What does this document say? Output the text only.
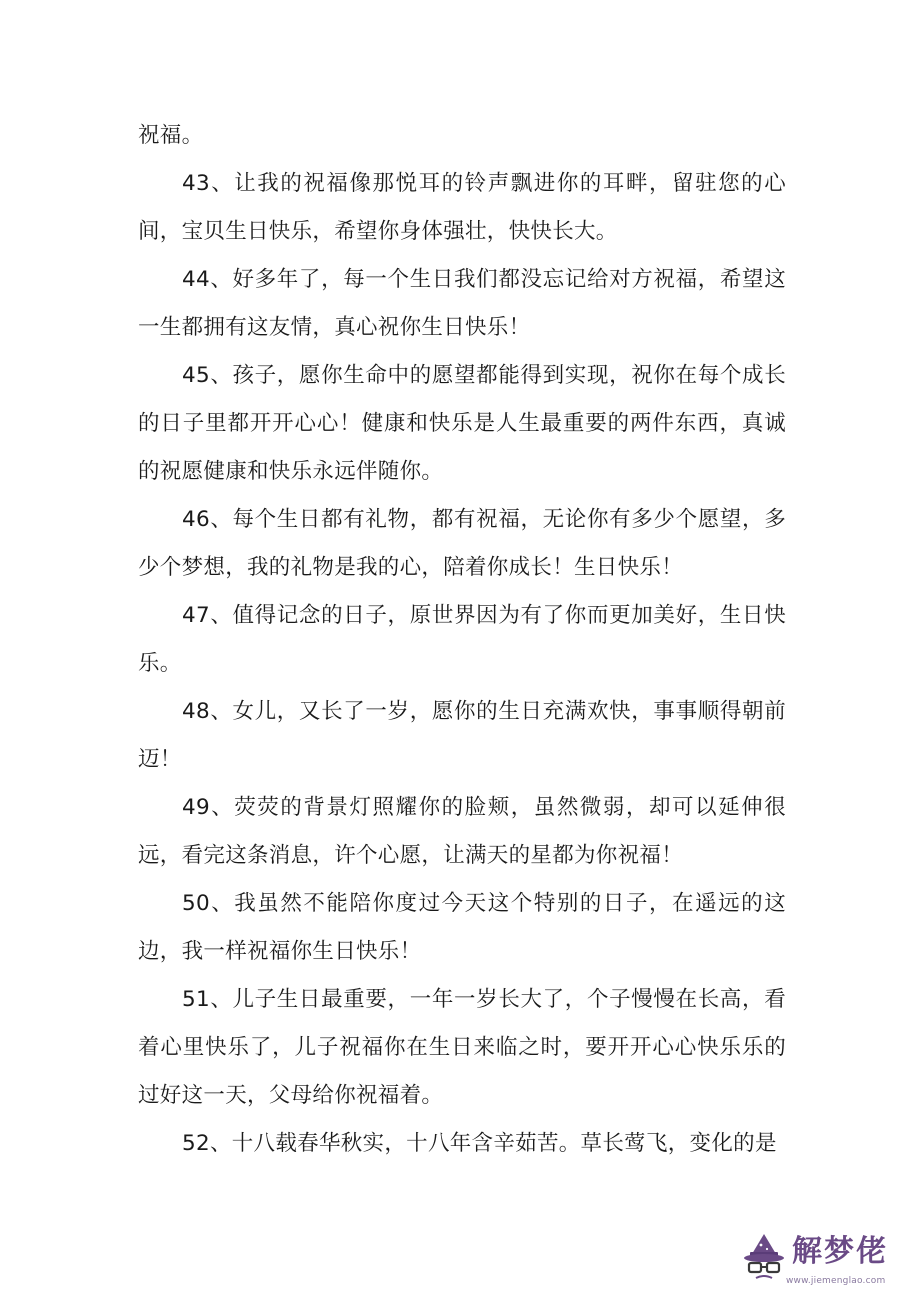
祝福。

43、让我的祝福像那悦耳的铃声飘进你的耳畔，留驻您的心间，宝贝生日快乐，希望你身体强壮，快快长大。

44、好多年了，每一个生日我们都没忘记给对方祝福，希望这一生都拥有这友情，真心祝你生日快乐！

45、孩子，愿你生命中的愿望都能得到实现，祝你在每个成长的日子里都开开心心！健康和快乐是人生最重要的两件东西，真诚的祝愿健康和快乐永远伴随你。

46、每个生日都有礼物，都有祝福，无论你有多少个愿望，多少个梦想，我的礼物是我的心，陪着你成长！生日快乐！

47、值得记念的日子，原世界因为有了你而更加美好，生日快乐。

48、女儿，又长了一岁，愿你的生日充满欢快，事事顺得朝前迈！

49、荧荧的背景灯照耀你的脸颊，虽然微弱，却可以延伸很远，看完这条消息，许个心愿，让满天的星都为你祝福！

50、我虽然不能陪你度过今天这个特别的日子，在遥远的这边，我一样祝福你生日快乐！

51、儿子生日最重要，一年一岁长大了，个子慢慢在长高，看着心里快乐了，儿子祝福你在生日来临之时，要开开心心快乐乐的过好这一天，父母给你祝福着。

52、十八载春华秋实，十八年含辛茹苦。草长莺飞，变化的是

解梦佬
www.jiemenglao.com
